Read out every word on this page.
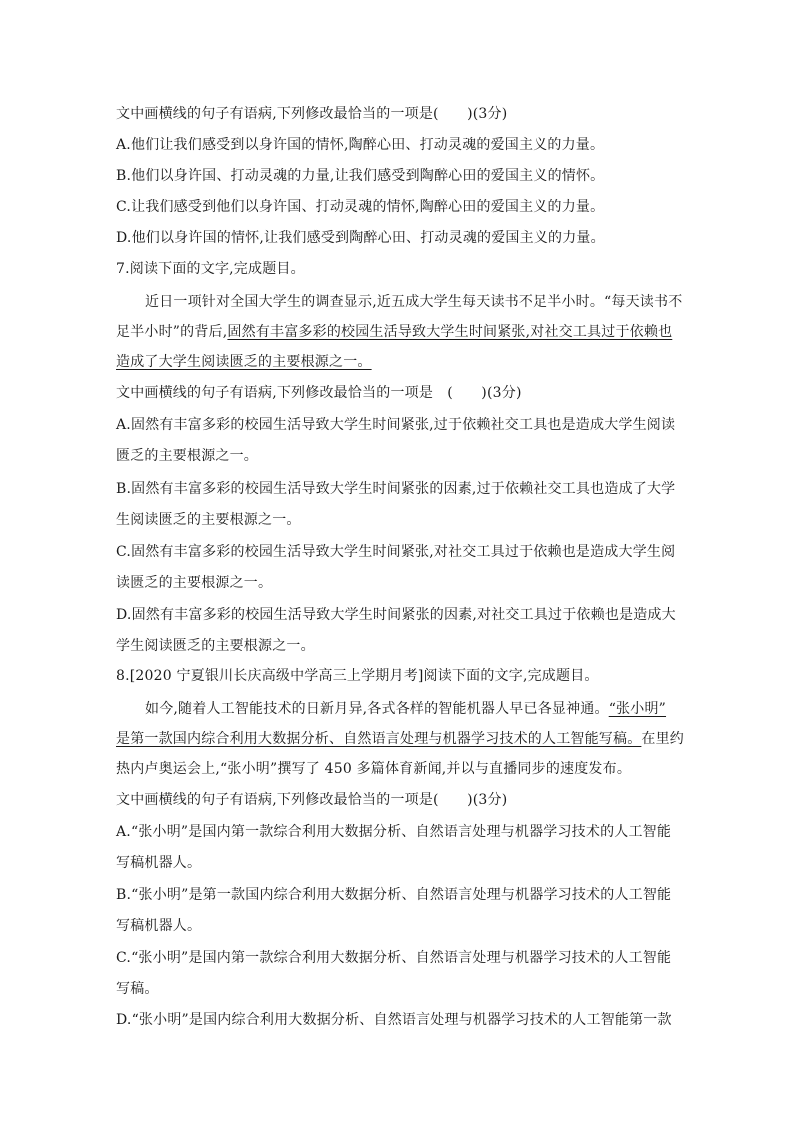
文中画横线的句子有语病,下列修改最恰当的一项是(　　)(3分)
A.他们让我们感受到以身许国的情怀,陶醉心田、打动灵魂的爱国主义的力量。
B.他们以身许国、打动灵魂的力量,让我们感受到陶醉心田的爱国主义的情怀。
C.让我们感受到他们以身许国、打动灵魂的情怀,陶醉心田的爱国主义的力量。
D.他们以身许国的情怀,让我们感受到陶醉心田、打动灵魂的爱国主义的力量。
7.阅读下面的文字,完成题目。
近日一项针对全国大学生的调查显示,近五成大学生每天读书不足半小时。“每天读书不
足半小时”的背后,固然有丰富多彩的校园生活导致大学生时间紧张,对社交工具过于依赖也
造成了大学生阅读匮乏的主要根源之一。
文中画横线的句子有语病,下列修改最恰当的一项是　(　　)(3分)
A.固然有丰富多彩的校园生活导致大学生时间紧张,过于依赖社交工具也是造成大学生阅读
匮乏的主要根源之一。
B.固然有丰富多彩的校园生活导致大学生时间紧张的因素,过于依赖社交工具也造成了大学
生阅读匮乏的主要根源之一。
C.固然有丰富多彩的校园生活导致大学生时间紧张,对社交工具过于依赖也是造成大学生阅
读匮乏的主要根源之一。
D.固然有丰富多彩的校园生活导致大学生时间紧张的因素,对社交工具过于依赖也是造成大
学生阅读匮乏的主要根源之一。
8.[2020 宁夏银川长庆高级中学高三上学期月考]阅读下面的文字,完成题目。
如今,随着人工智能技术的日新月异,各式各样的智能机器人早已各显神通。“张小明”
是第一款国内综合利用大数据分析、自然语言处理与机器学习技术的人工智能写稿。在里约
热内卢奥运会上,“张小明”撰写了 450 多篇体育新闻,并以与直播同步的速度发布。
文中画横线的句子有语病,下列修改最恰当的一项是(　　)(3分)
A.“张小明”是国内第一款综合利用大数据分析、自然语言处理与机器学习技术的人工智能
写稿机器人。
B.“张小明”是第一款国内综合利用大数据分析、自然语言处理与机器学习技术的人工智能
写稿机器人。
C.“张小明”是国内第一款综合利用大数据分析、自然语言处理与机器学习技术的人工智能
写稿。
D.“张小明”是国内综合利用大数据分析、自然语言处理与机器学习技术的人工智能第一款
